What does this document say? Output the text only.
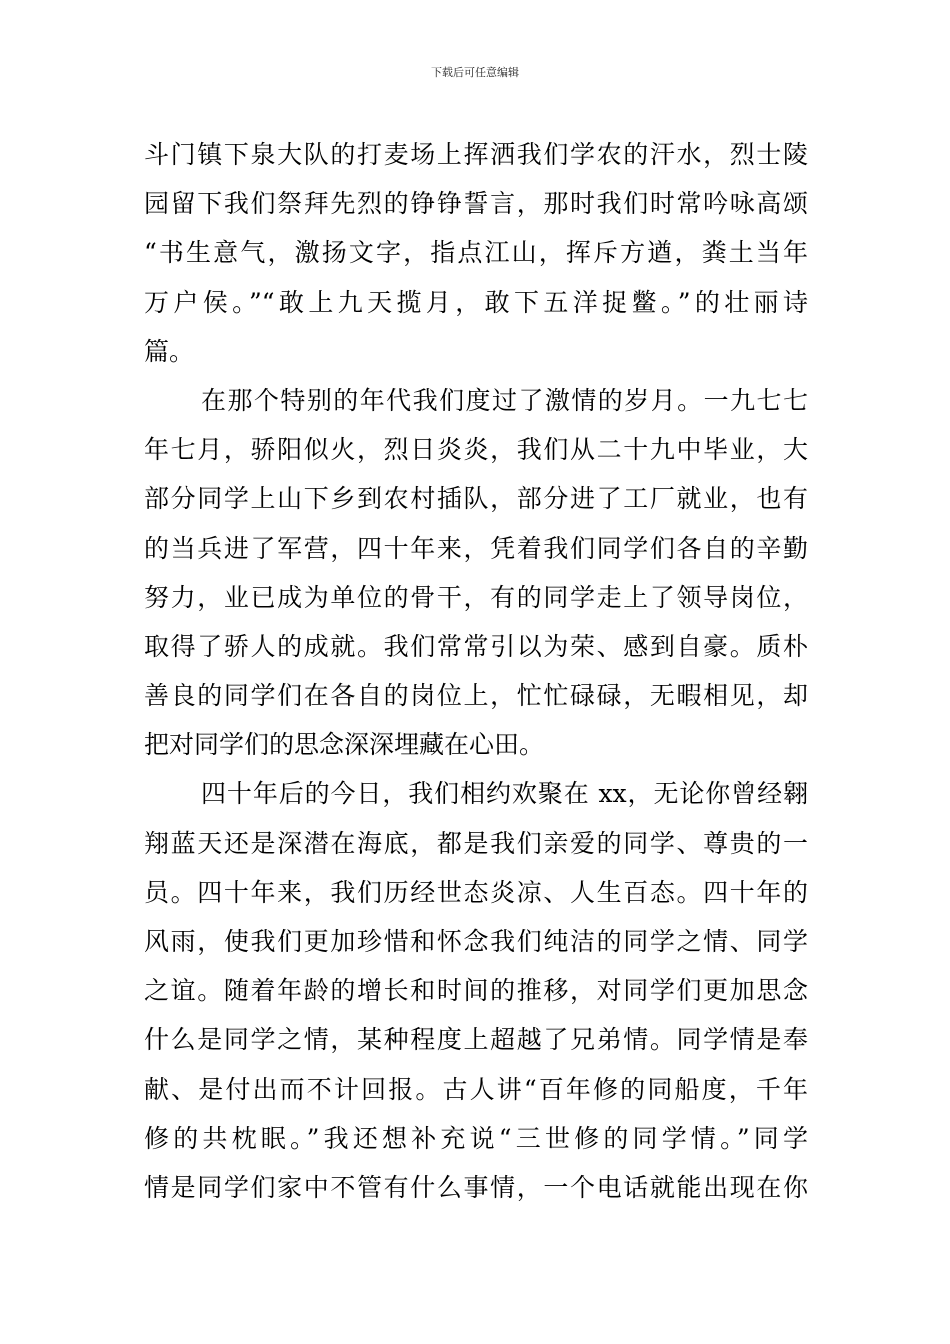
下载后可任意编辑
斗门镇下泉大队的打麦场上挥洒我们学农的汗水，烈士陵
园留下我们祭拜先烈的铮铮誓言，那时我们时常吟咏高颂
“书生意气，激扬文字，指点江山，挥斥方遒，粪土当年
万户侯。”“敢上九天揽月，敢下五洋捉鳖。”的壮丽诗
篇。
在那个特别的年代我们度过了激情的岁月。一九七七
年七月，骄阳似火，烈日炎炎，我们从二十九中毕业，大
部分同学上山下乡到农村插队，部分进了工厂就业，也有
的当兵进了军营，四十年来，凭着我们同学们各自的辛勤
努力，业已成为单位的骨干，有的同学走上了领导岗位，
取得了骄人的成就。我们常常引以为荣、感到自豪。质朴
善良的同学们在各自的岗位上，忙忙碌碌，无暇相见，却
把对同学们的思念深深埋藏在心田。
四十年后的今日，我们相约欢聚在 xx，无论你曾经翱
翔蓝天还是深潜在海底，都是我们亲爱的同学、尊贵的一
员。四十年来，我们历经世态炎凉、人生百态。四十年的
风雨，使我们更加珍惜和怀念我们纯洁的同学之情、同学
之谊。随着年龄的增长和时间的推移，对同学们更加思念
什么是同学之情，某种程度上超越了兄弟情。同学情是奉
献、是付出而不计回报。古人讲“百年修的同船度，千年
修的共枕眠。”我还想补充说“三世修的同学情。”同学
情是同学们家中不管有什么事情，一个电话就能出现在你
